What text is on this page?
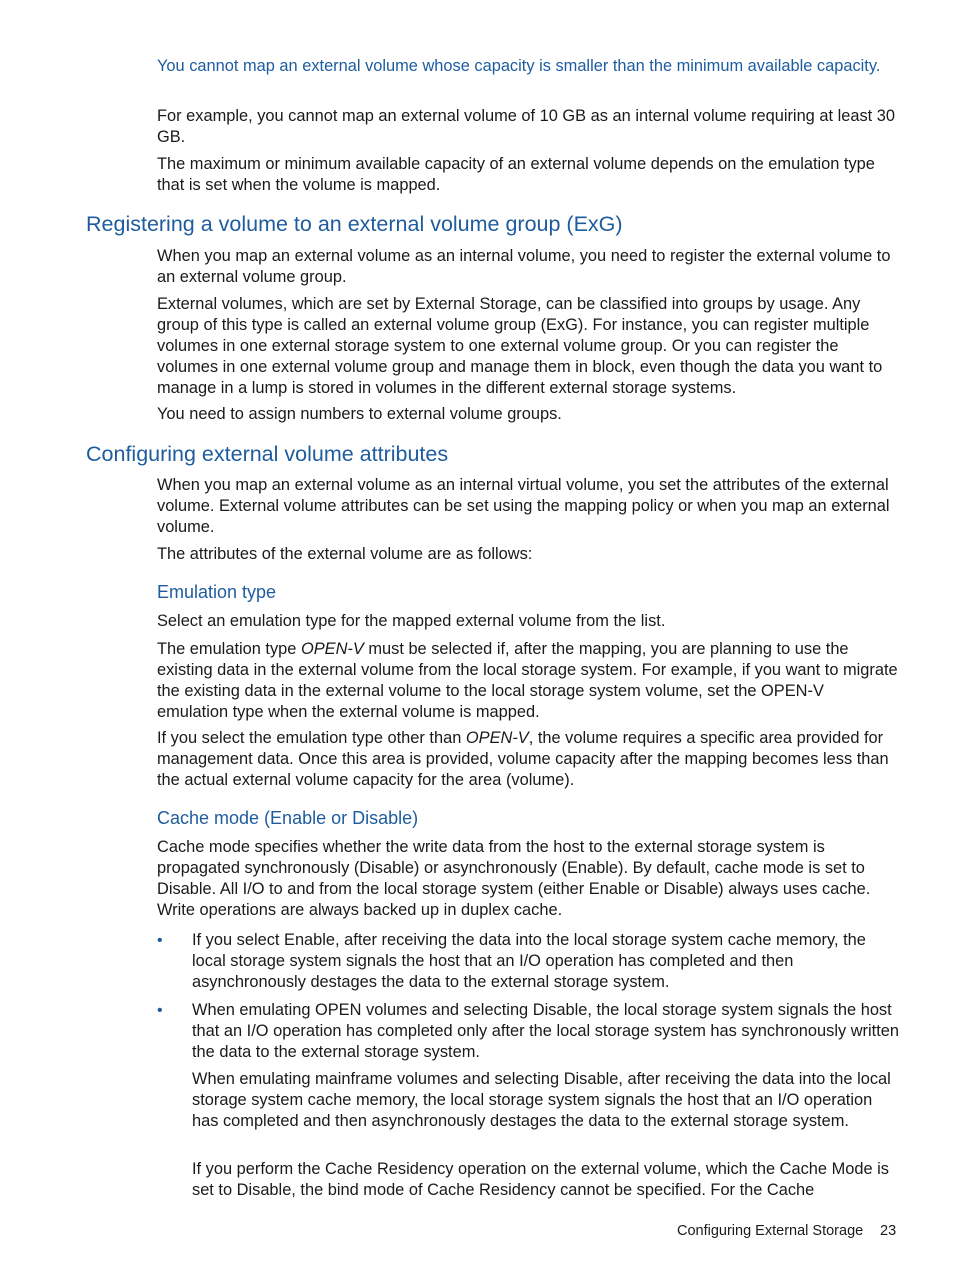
You cannot map an external volume whose capacity is smaller than the minimum available capacity.

For example, you cannot map an external volume of 10 GB as an internal volume requiring at least 30 GB.

The maximum or minimum available capacity of an external volume depends on the emulation type that is set when the volume is mapped.

Registering a volume to an external volume group (ExG)

When you map an external volume as an internal volume, you need to register the external volume to an external volume group.

External volumes, which are set by External Storage, can be classified into groups by usage. Any group of this type is called an external volume group (ExG). For instance, you can register multiple volumes in one external storage system to one external volume group. Or you can register the volumes in one external volume group and manage them in block, even though the data you want to manage in a lump is stored in volumes in the different external storage systems.

You need to assign numbers to external volume groups.

Configuring external volume attributes

When you map an external volume as an internal virtual volume, you set the attributes of the external volume. External volume attributes can be set using the mapping policy or when you map an external volume.

The attributes of the external volume are as follows:

Emulation type

Select an emulation type for the mapped external volume from the list.

The emulation type OPEN-V must be selected if, after the mapping, you are planning to use the existing data in the external volume from the local storage system. For example, if you want to migrate the existing data in the external volume to the local storage system volume, set the OPEN-V emulation type when the external volume is mapped.

If you select the emulation type other than OPEN-V, the volume requires a specific area provided for management data. Once this area is provided, volume capacity after the mapping becomes less than the actual external volume capacity for the area (volume).

Cache mode (Enable or Disable)

Cache mode specifies whether the write data from the host to the external storage system is propagated synchronously (Disable) or asynchronously (Enable). By default, cache mode is set to Disable. All I/O to and from the local storage system (either Enable or Disable) always uses cache. Write operations are always backed up in duplex cache.

•	If you select Enable, after receiving the data into the local storage system cache memory, the local storage system signals the host that an I/O operation has completed and then asynchronously destages the data to the external storage system.
•	When emulating OPEN volumes and selecting Disable, the local storage system signals the host that an I/O operation has completed only after the local storage system has synchronously written the data to the external storage system.

When emulating mainframe volumes and selecting Disable, after receiving the data into the local storage system cache memory, the local storage system signals the host that an I/O operation has completed and then asynchronously destages the data to the external storage system.

If you perform the Cache Residency operation on the external volume, which the Cache Mode is set to Disable, the bind mode of Cache Residency cannot be specified. For the Cache

Configuring External Storage 23
